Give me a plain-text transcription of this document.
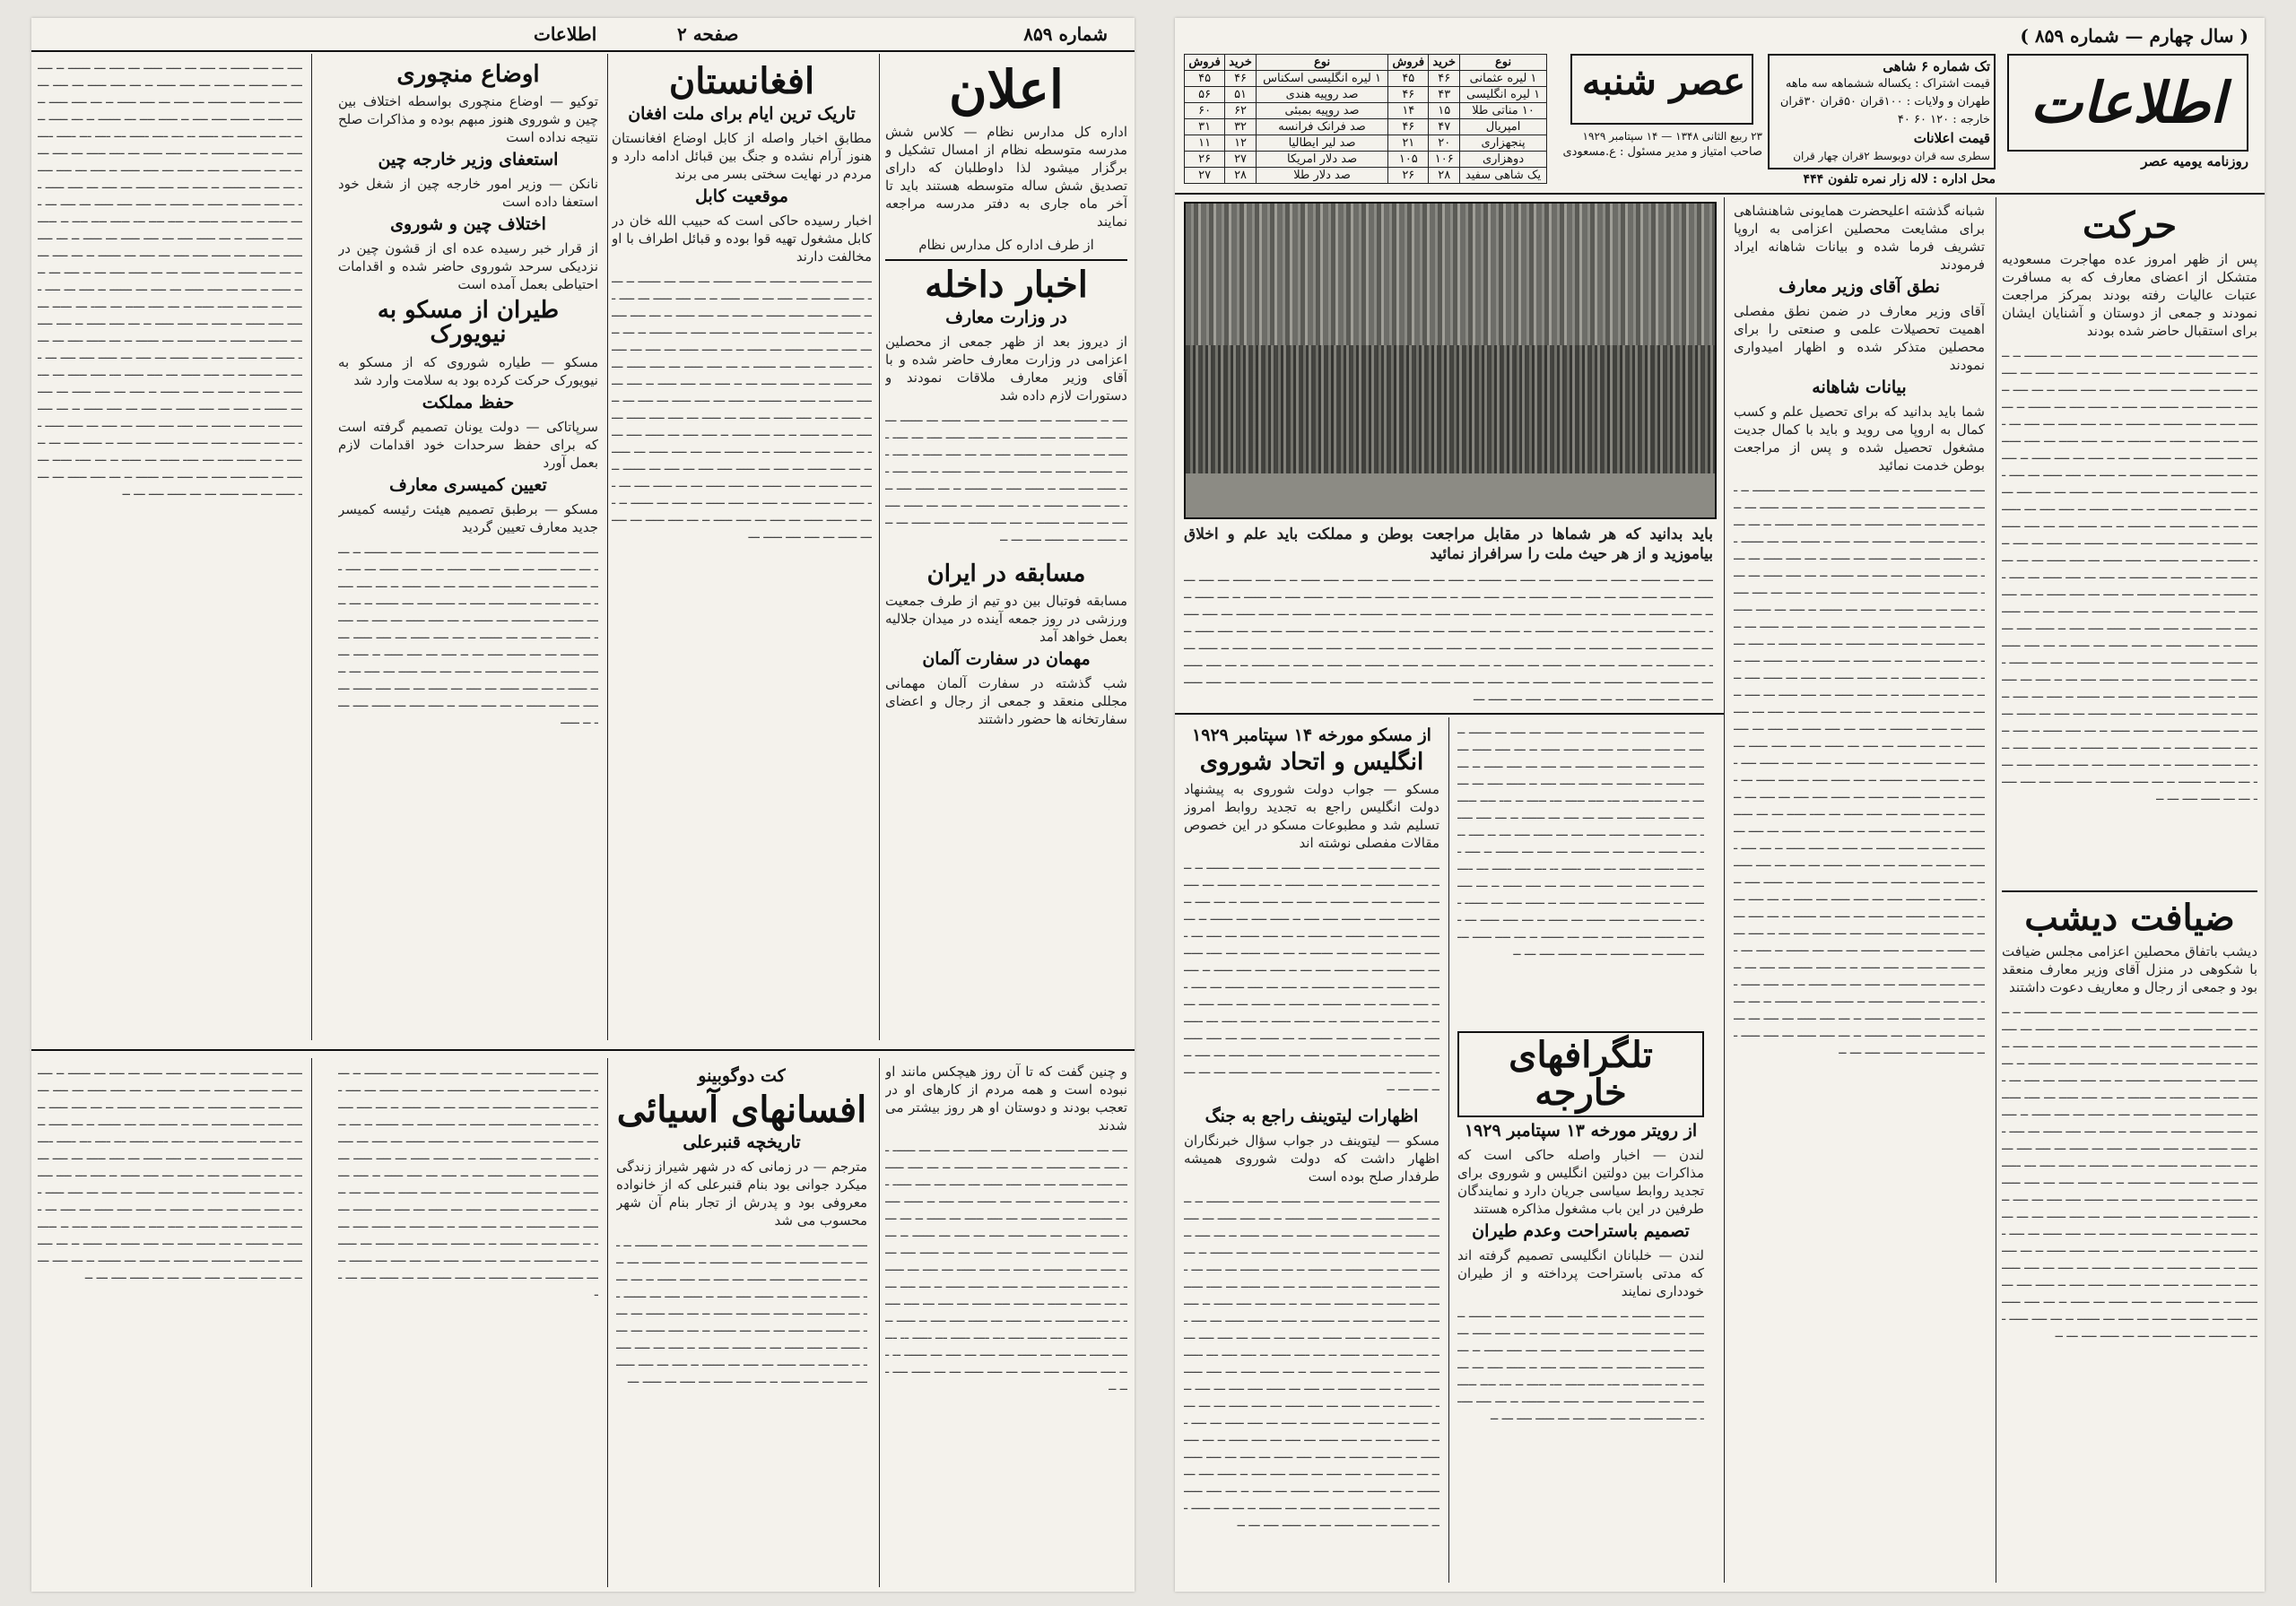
شماره ۸۵۹
اطلاعات	صفحه ۲
اعلان

اداره کل مدارس نظام — کلاس شش مدرسه متوسطه نظام از امسال تشکیل و برگزار میشود لذا داوطلبان که دارای تصدیق شش ساله متوسطه هستند باید تا آخر ماه جاری به دفتر مدرسه مراجعه نمایند

از طرف اداره کل مدارس نظام

اخبار داخله
در وزارت معارف

از دیروز بعد از ظهر جمعی از محصلین اعزامی در وزارت معارف حاضر شده و با آقای وزیر معارف ملاقات نمودند و دستورات لازم داده شد

ــــ ــ ــــــ ــــ ـــ ـــــ ــــ ـــ ــــ ـــــ ـــ ــــــ ـــ ـــ ــــ ـــــ ـــ ــــ ــــــ ــ ـــ ــــ ـــــ ــــ ـــ ــــ ــــــ ـــ ــــ ــــ ـــ ــــــ ــــ ـــ ـــ ــــ ـــــ ــ ــــ ــــ ــــــ ـــ ــــ ـــ ـــــ ــــ ـــ ــــ ـــــ ــ ــــ ــــ ـــ ـــــ ــــ ــــ ــ ـــــ ــــ ـــ ــــــ ــ ـــ ـــــ ــــ ـــ ــــ ـــــ ـــ ـــــ ــ ـــ ــــ ـــــ ـــ ــــ ـــ ـــــ ــــ ــــ ـــ ــــ ـــ ــــــ ــ ـــ ــــ ـــــ ـــ ــــ ـــــ ـــ ــــ ـــــ ـــ ـــ ـــــ ــــ ـــ ــ
مسابقه در ایران

مسابقه فوتبال بین دو تیم از طرف جمعیت ورزشی در روز جمعه آینده در میدان جلالیه بعمل خواهد آمد

مهمان در سفارت آلمان

شب گذشته در سفارت آلمان مهمانی مجللی منعقد و جمعی از رجال و اعضای سفارتخانه ها حضور داشتند

افغانستان
تاریک ترین ایام برای ملت افغان

مطابق اخبار واصله از کابل اوضاع افغانستان هنوز آرام نشده و جنگ بین قبائل ادامه دارد و مردم در نهایت سختی بسر می برند

موقعیت کابل

اخبار رسیده حاکی است که حبیب الله خان در کابل مشغول تهیه قوا بوده و قبائل اطراف با او مخالفت دارند

ــــ ـــ ــــ ـــــ ــ ــــ ـــ ــــ ـــــ ـــ ــــ ـــ ــــــ ــ ــــ ـــ ــــ ـــــ ـــ ــــ ـــ ــــ ـــــ ــ ـــ ــــ ـــــ ـــ ــــ ـــ ـــــ ـــ ــــ ــــ ـــــ ـــ ــــ ـــ ــــ ـــــ ــ ـــ ــــ ـــــ ــ ــــ ــــ ـــ ـــــ ــــ ــــ ــ ـــــ ــــ ـــ ــــــ ــ ـــ ـــــ ــــ ـــ ــــ ـــــ ـــ ـــــ ــ ـــ ــــ ـــــ ـــ ــــ ـــ ـــــ ــــ ــــ ـــ ــــ ـــ ــــــ ــ ـــ ــــ ـــــ ـــ ــــ ـــــ ـــ ــــ ـــــ ـــ ـــ ـــــ ــــ ـــ ــ ــــ ـــ ــــ ـــــ ــ ــــ ـــ ــــ ـــــ ـــ ــــ ـــ ــــــ ــ ــــ ـــ ــــ ـــــ ـــ ــــ ـــ ــــ ـــــ ــ ـــ ــــ ـــــ ـــ ــــ ـــ ـــــ ـــ ــــ ــــ ـــــ ـــ ــــ ـــ ــــ ـــــ ــ ـــ ــــ ـــــ ــ ــــ ــــ ـــ ـــــ ــــ ــــ ــ ـــــ ــــ ـــ ــــــ ــ ـــ ـــــ ــــ ـــ ــــ ـــــ ـــ ـــــ ــ ـــ ــــ ـــــ ـــ ــــ ـــ ـــــ ــــ ــــ ـــ ــــ ـــ ــــــ ــ ـــ ــــ ـــــ ـــ ــــ ـــــ ـــ ــــ ـــــ ـــ ـــ ـــــ ــــ ـــ ــ ــــ ـــ ــــ ـــــ ــ ــــ ـــ ــــ ـــــ ـــ ــــ ـــ ــــــ ــ ــــ ـــ ــــ ـــــ ـــ ــــ ـــ ــــ ـــــ ــ ـــ ــــ ـــــ ـــ ــــ ـــ ـــــ ـــ ــــ ــــ ـــــ ـــ
اوضاع منچوری

توکیو — اوضاع منچوری بواسطه اختلاف بین چین و شوروی هنوز مبهم بوده و مذاکرات صلح نتیجه نداده است

استعفای وزیر خارجه چین

نانکن — وزیر امور خارجه چین از شغل خود استعفا داده است

اختلاف چین و شوروی

از قرار خبر رسیده عده ای از قشون چین در نزدیکی سرحد شوروی حاضر شده و اقدامات احتیاطی بعمل آمده است

طیران از مسکو به نیویورک

مسکو — طیاره شوروی که از مسکو به نیویورک حرکت کرده بود به سلامت وارد شد

حفظ مملکت

سرپاتاکی — دولت یونان تصمیم گرفته است که برای حفظ سرحدات خود اقدامات لازم بعمل آورد

تعیین کمیسری معارف

مسکو — برطبق تصمیم هیئت رئیسه کمیسر جدید معارف تعیین گردید

ــــ ـــ ــــ ـــــ ــ ــــ ـــ ــــ ـــــ ـــ ــــ ـــ ــــــ ــ ــــ ـــ ــــ ـــــ ـــ ــــ ـــ ــــ ـــــ ــ ـــ ــــ ـــــ ـــ ــــ ـــ ـــــ ـــ ــــ ــــ ـــــ ـــ ــــ ـــ ــــ ـــــ ــ ـــ ــــ ـــــ ــ ــــ ــــ ـــ ـــــ ــــ ــــ ــ ـــــ ــــ ـــ ــــــ ــ ـــ ـــــ ــــ ـــ ــــ ـــــ ـــ ـــــ ــ ـــ ــــ ـــــ ـــ ــــ ـــ ـــــ ــــ ــــ ـــ ــــ ـــ ــــــ ــ ـــ ــــ ـــــ ـــ ــــ ـــــ ـــ ــــ ـــــ ـــ ـــ ـــــ ــــ ـــ ــ ــــ ـــ ــــ ـــــ ــ ــــ ـــ ــــ ـــــ ـــ ــــ ـــ ــــــ ــ ــــ ـــ ــــ ـــــ ـــ ــــ ـــ ــــ ـــــ ــ ـــ ــــ ـــــ ـــ ــــ ـــ ـــــ ـــ ــــ ــــ ـــــ ـــ ــــ ـــ ــــ ـــــ ــ ـــ ــــ ـــــ ــ ــــ ــــ ـــ ـــــ ــــ ــــ ــ ـــــ
ــــ ـــ ــــ ـــــ ــ ــــ ـــ ــــ ـــــ ـــ ــــ ـــ ــــــ ــ ــــ ـــ ــــ ـــــ ـــ ــــ ـــ ــــ ـــــ ــ ـــ ــــ ـــــ ـــ ــــ ـــ ـــــ ـــ ــــ ــــ ـــــ ـــ ــــ ـــ ــــ ـــــ ــ ـــ ــــ ـــــ ــ ــــ ــــ ـــ ـــــ ــــ ــــ ــ ـــــ ــــ ـــ ــــــ ــ ـــ ـــــ ــــ ـــ ــــ ـــــ ـــ ـــــ ــ ـــ ــــ ـــــ ـــ ــــ ـــ ـــــ ــــ ــــ ـــ ــــ ـــ ــــــ ــ ـــ ــــ ـــــ ـــ ــــ ـــــ ـــ ــــ ـــــ ـــ ـــ ـــــ ــــ ـــ ــ ــــ ـــ ــــ ـــــ ــ ــــ ـــ ــــ ـــــ ـــ ــــ ـــ ــــــ ــ ــــ ـــ ــــ ـــــ ـــ ــــ ـــ ــــ ـــــ ــ ـــ ــــ ـــــ ـــ ــــ ـــ ـــــ ـــ ــــ ــــ ـــــ ـــ ــــ ـــ ــــ ـــــ ــ ـــ ــــ ـــــ ــ ــــ ــــ ـــ ـــــ ــــ ــــ ــ ـــــ ــــ ـــ ــــــ ــ ـــ ـــــ ــــ ـــ ــــ ـــــ ـــ ـــــ ــ ـــ ــــ ـــــ ـــ ــــ ـــ ـــــ ــــ ــــ ـــ ــــ ـــ ــــــ ــ ـــ ــــ ـــــ ـــ ــــ ـــــ ـــ ــــ ـــــ ـــ ـــ ـــــ ــــ ـــ ــ ــــ ـــ ــــ ـــــ ــ ــــ ـــ ــــ ـــــ ـــ ــــ ـــ ــــــ ــ ــــ ـــ ــــ ـــــ ـــ ــــ ـــ ــــ ـــــ ــ ـــ ــــ ـــــ ـــ ــــ ـــ ـــــ ـــ ــــ ــــ ـــــ ـــ ــــ ـــ ــــ ـــــ ــ ـــ ــــ ـــــ ــ ــــ ــــ ـــ ـــــ ــــ ــــ ــ ـــــ ــــ ـــ ــــــ ــ ـــ ـــــ ــــ ـــ ــــ ـــــ ـــ ـــــ ــ ـــ ــــ ـــــ ـــ ــــ ـــ ـــــ ــــ ــــ ـــ ــــ ـــ ــــــ ــ ـــ ــــ ـــــ ـــ ــــ ـــــ ـــ ــــ ـــــ ـــ ـــ ـــــ ــــ ـــ ــ ــــ ـــ ــــ ـــــ ــ ــــ ـــ ــــ ـــــ ـــ ــــ ـــ ــــــ ــ ــــ ـــ ــــ ـــــ ـــ ــــ ـــ ــــ ـــــ ــ ـــ ــــ ـــــ ـــ ــــ ـــ ـــــ ـــ ــــ ــــ ـــــ ـــ ــــ ـــ ــــ ـــــ ــ ـــ ــــ ـــــ ــ ــــ ــــ ـــ ـــــ ــــ ــــ ــ ـــــ ــــ ـــ ــــــ ــ ـــ ـــــ ــــ ـــ ــــ ـــــ ـــ ـــــ ــ ـــ ــــ ـــــ ـــ ــــ ـــ ـــــ ــــ ــــ ـــ ــــ ـــ ــــــ ــ ـــ ــــ ـــــ ـــ ــــ ـــــ ـــ ــــ ـــــ ـــ ـــ ـــــ ــــ ـــ ــ
کت دوگوبینو
افسانهای آسیائی
تاریخچه قنبرعلی

مترجم — در زمانی که در شهر شیراز زندگی میکرد جوانی بود بنام قنبرعلی که از خانواده معروفی بود و پدرش از تجار بنام آن شهر محسوب می شد

ــــ ـــ ــــ ـــــ ــ ــــ ـــ ــــ ـــــ ـــ ــــ ـــ ــــــ ــ ــــ ـــ ــــ ـــــ ـــ ــــ ـــ ــــ ـــــ ــ ـــ ــــ ـــــ ـــ ــــ ـــ ـــــ ـــ ــــ ــــ ـــــ ـــ ــــ ـــ ــــ ـــــ ــ ـــ ــــ ـــــ ــ ــــ ــــ ـــ ـــــ ــــ ــــ ــ ـــــ ــــ ـــ ــــــ ــ ـــ ـــــ ــــ ـــ ــــ ـــــ ـــ ـــــ ــ ـــ ــــ ـــــ ـــ ــــ ـــ ـــــ ــــ ــــ ـــ ــــ ـــ ــــــ ــ ـــ ــــ ـــــ ـــ ــــ ـــــ ـــ ــــ ـــــ ـــ ـــ ـــــ ــــ ـــ ــ ــــ ـــ ــــ ـــــ ــ ــــ ـــ ــــ ـــــ ـــ ــــ ـــ ــــــ ــ ــــ ـــ ــــ ـــــ ـــ ــــ ـــ ــــ ـــــ ــ ـــ ــــ ـــــ ـــ ــــ ـــ ـــــ ـــ

و چنین گفت که تا آن روز هیچکس مانند او نبوده است و همه مردم از کارهای او در تعجب بودند و دوستان او هر روز بیشتر می شدند

ــــ ـــ ــــ ـــــ ــ ــــ ـــ ــــ ـــــ ـــ ــــ ـــ ــــــ ــ ــــ ـــ ــــ ـــــ ـــ ــــ ـــ ــــ ـــــ ــ ـــ ــــ ـــــ ـــ ــــ ـــ ـــــ ـــ ــــ ــــ ـــــ ـــ ــــ ـــ ــــ ـــــ ــ ـــ ــــ ـــــ ــ ــــ ــــ ـــ ـــــ ــــ ــــ ــ ـــــ ــــ ـــ ــــــ ــ ـــ ـــــ ــــ ـــ ــــ ـــــ ـــ ـــــ ــ ـــ ــــ ـــــ ـــ ــــ ـــ ـــــ ــــ ــــ ـــ ــــ ـــ ــــــ ــ ـــ ــــ ـــــ ـــ ــــ ـــــ ـــ ــــ ـــــ ـــ ـــ ـــــ ــــ ـــ ــ ــــ ـــ ــــ ـــــ ــ ــــ ـــ ــــ ـــــ ـــ ــــ ـــ ــــــ ــ ــــ ـــ ــــ ـــــ ـــ ــــ ـــ ــــ ـــــ ــ ـــ ــــ ـــــ ـــ ــــ ـــ ـــــ ـــ ــــ ــــ ـــــ ـــ ــــ ـــ ــــ ـــــ ــ ـــ ــــ ـــــ ــ ــــ ــــ ـــ ـــــ ــــ ــــ ــ ـــــ ــــ ـــ ــــــ ــ ـــ ـــــ ــــ ـــ ــــ ـــــ ـــ ـــــ ــ ـــ ــــ ـــــ ـــ ــــ ـــ ـــــ ــــ ــــ ـــ ــــ ـــ ــــــ ــ ـــ ــــ ـــــ ـــ ــــ ـــــ ـــ ــــ ـــــ ـــ ـــ ـــــ ــــ ـــ ــ
ــــ ـــ ــــ ـــــ ــ ــــ ـــ ــــ ـــــ ـــ ــــ ـــ ــــــ ــ ــــ ـــ ــــ ـــــ ـــ ــــ ـــ ــــ ـــــ ــ ـــ ــــ ـــــ ـــ ــــ ـــ ـــــ ـــ ــــ ــــ ـــــ ـــ ــــ ـــ ــــ ـــــ ــ ـــ ــــ ـــــ ــ ــــ ــــ ـــ ـــــ ــــ ــــ ــ ـــــ ــــ ـــ ــــــ ــ ـــ ـــــ ــــ ـــ ــــ ـــــ ـــ ـــــ ــ ـــ ــــ ـــــ ـــ ــــ ـــ ـــــ ــــ ــــ ـــ ــــ ـــ ــــــ ــ ـــ ــــ ـــــ ـــ ــــ ـــــ ـــ ــــ ـــــ ـــ ـــ ـــــ ــــ ـــ ــ ــــ ـــ ــــ ـــــ ــ ــــ ـــ ــــ ـــــ ـــ ــــ ـــ ــــــ ــ ــــ ـــ ــــ ـــــ ـــ ــــ ـــ ــــ ـــــ ــ ـــ ــــ ـــــ ـــ ــــ ـــ ـــــ ـــ ــــ ــــ ـــــ ـــ ــــ ـــ ــــ ـــــ ــ ـــ ــــ ـــــ ــ ــــ ــــ ـــ ـــــ ــــ ــــ ــ ـــــ ــــ ـــ ــــــ ــ ـــ ـــــ ــــ ـــ ــــ ـــــ ـــ ـــــ ــ ـــ ــــ ـــــ ـــ ــــ ـــ ـــــ ــــ ــــ ـــ ــــ ـــ ــــــ ــ ـــ ــــ ـــــ ـــ ــــ ـــــ ـــ ــــ ـــــ ـــ ـــ ـــــ ــــ ـــ ــ
ــــ ـــ ــــ ـــــ ــ ــــ ـــ ــــ ـــــ ـــ ــــ ـــ ــــــ ــ ــــ ـــ ــــ ـــــ ـــ ــــ ـــ ــــ ـــــ ــ ـــ ــــ ـــــ ـــ ــــ ـــ ـــــ ـــ ــــ ــــ ـــــ ـــ ــــ ـــ ــــ ـــــ ــ ـــ ــــ ـــــ ــ ــــ ــــ ـــ ـــــ ــــ ــــ ــ ـــــ ــــ ـــ ــــــ ــ ـــ ـــــ ــــ ـــ ــــ ـــــ ـــ ـــــ ــ ـــ ــــ ـــــ ـــ ــــ ـــ ـــــ ــــ ــــ ـــ ــــ ـــ ــــــ ــ ـــ ــــ ـــــ ـــ ــــ ـــــ ـــ ــــ ـــــ ـــ ـــ ـــــ ــــ ـــ ــ ــــ ـــ ــــ ـــــ ــ ــــ ـــ ــــ ـــــ ـــ ــــ ـــ ــــــ ــ ــــ ـــ ــــ ـــــ ـــ ــــ ـــ ــــ ـــــ ــ ـــ ــــ ـــــ ـــ ــــ ـــ ـــــ ـــ ــــ ــــ ـــــ ـــ ــــ ـــ ــــ ـــــ ــ ـــ ــــ ـــــ ــ ــــ ــــ ـــ ـــــ ــــ ــــ ــ ـــــ ــــ ـــ ــــــ ــ ـــ ـــــ ــــ ـــ ــــ ـــــ ـــ ـــــ ــ ـــ ــــ ـــــ ـــ ــــ ـــ ـــــ ــــ ــــ ـــ ــــ ـــ ــــــ ــ ـــ ــــ ـــــ ـــ ــــ ـــــ ـــ ــــ ـــــ ـــ ـــ ـــــ ــــ ـــ ــ
( سال چهارم — شماره ۸۵۹ )
اطلاعات
روزنامه یومیه عصر
تک شماره ۶ شاهی
قیمت اشتراک : یکساله ششماهه سه ماهه
طهران و ولایات : ۱۰۰قران ۵۰قران ۳۰قران
خارجه : ۱۲۰ ۶۰ ۴۰
قیمت اعلانات
سطری سه قران دوبوسط ۲قران چهار قران
عصر شنبه
۲۳ ربیع الثانی ۱۳۴۸ — ۱۴ سپتامبر ۱۹۲۹
صاحب امتیاز و مدیر مسئول : ع.مسعودی
محل اداره : لاله زار نمره تلفون ۴۴۴
نوع	خرید	فروش	نوع	خرید	فروش
۱ لیره عثمانی	۴۶	۴۵	۱ لیره انگلیسی اسکناس	۴۶	۴۵
۱ لیره انگلیسی	۴۳	۴۶	صد روپیه هندی	۵۱	۵۶
۱۰ مناتی طلا	۱۵	۱۴	صد روپیه بمبئی	۶۲	۶۰
امپریال	۴۷	۴۶	صد فرانک فرانسه	۳۲	۳۱
پنجهزاری	۲۰	۲۱	صد لیر ایطالیا	۱۲	۱۱
دوهزاری	۱۰۶	۱۰۵	صد دلار امریکا	۲۷	۲۶
یک شاهی سفید	۲۸	۲۶	صد دلار طلا	۲۸	۲۷
حرکت

پس از ظهر امروز عده مهاجرت مسعودیه متشکل از اعضای معارف که به مسافرت عتبات عالیات رفته بودند بمرکز مراجعت نمودند و جمعی از دوستان و آشنایان ایشان برای استقبال حاضر شده بودند

ــــ ـــ ــــ ـــــ ــ ــــ ـــ ــــ ـــــ ـــ ــــ ـــ ــــــ ــ ــــ ـــ ــــ ـــــ ـــ ــــ ـــ ــــ ـــــ ــ ـــ ــــ ـــــ ـــ ــــ ـــ ـــــ ـــ ــــ ــــ ـــــ ـــ ــــ ـــ ــــ ـــــ ــ ـــ ــــ ـــــ ــ ــــ ــــ ـــ ـــــ ــــ ــــ ــ ـــــ ــــ ـــ ــــــ ــ ـــ ـــــ ــــ ـــ ــــ ـــــ ـــ ـــــ ــ ـــ ــــ ـــــ ـــ ــــ ـــ ـــــ ــــ ــــ ـــ ــــ ـــ ــــــ ــ ـــ ــــ ـــــ ـــ ــــ ـــــ ـــ ــــ ـــــ ـــ ـــ ـــــ ــــ ـــ ــ ــــ ـــ ــــ ـــــ ــ ــــ ـــ ــــ ـــــ ـــ ــــ ـــ ــــــ ــ ــــ ـــ ــــ ـــــ ـــ ــــ ـــ ــــ ـــــ ــ ـــ ــــ ـــــ ـــ ــــ ـــ ـــــ ـــ ــــ ــــ ـــــ ـــ ــــ ـــ ــــ ـــــ ــ ـــ ــــ ـــــ ــ ــــ ــــ ـــ ـــــ ــــ ــــ ــ ـــــ ــــ ـــ ــــــ ــ ـــ ـــــ ــــ ـــ ــــ ـــــ ـــ ـــــ ــ ـــ ــــ ـــــ ـــ ــــ ـــ ـــــ ــــ ــــ ـــ ــــ ـــ ــــــ ــ ـــ ــــ ـــــ ـــ ــــ ـــــ ـــ ــــ ـــــ ـــ ـــ ـــــ ــــ ـــ ــ ــــ ـــ ــــ ـــــ ــ ــــ ـــ ــــ ـــــ ـــ ــــ ـــ ــــــ ــ ــــ ـــ ــــ ـــــ ـــ ــــ ـــ ــــ ـــــ ــ ـــ ــــ ـــــ ـــ ــــ ـــ ـــــ ـــ ــــ ــــ ـــــ ـــ ــــ ـــ ــــ ـــــ ــ ـــ ــــ ـــــ ــ ــــ ــــ ـــ ـــــ ــــ ــــ ــ ـــــ ــــ ـــ ــــــ ــ ـــ ـــــ ــــ ـــ ــــ ـــــ ـــ ـــــ ــ ـــ ــــ ـــــ ـــ ــــ ـــ ـــــ ــــ ــــ ـــ ــــ ـــ ــــــ ــ ـــ ــــ ـــــ ـــ ــــ ـــــ ـــ ــــ ـــــ ـــ ـــ ـــــ ــــ ـــ ــ ــــ ـــ ــــ ـــــ ــ ــــ ـــ ــــ ـــــ ـــ ــــ ـــ ــــــ ــ ــــ ـــ ــــ ـــــ ـــ ــــ ـــ ــــ ـــــ ــ ـــ ــــ ـــــ ـــ ــــ ـــ ـــــ ـــ ــــ ــــ ـــــ ـــ ــــ ـــ ــــ ـــــ ــ ـــ ــــ ـــــ ــ ــــ ــــ ـــ ـــــ ــــ ــــ ــ ـــــ ــــ ـــ ــــــ ــ ـــ ـــــ ــــ ـــ ــــ ـــــ ـــ ـــــ ــ ـــ ــــ ـــــ ـــ ــــ ـــ ـــــ ــــ ــــ ـــ ــــ ـــ ــــــ ــ ـــ ــــ ـــــ ـــ ــــ ـــــ ـــ ــــ ـــــ ـــ ـــ ـــــ ــــ ـــ ــ
ضیافت دیشب

دیشب باتفاق محصلین اعزامی مجلس ضیافت با شکوهی در منزل آقای وزیر معارف منعقد بود و جمعی از رجال و معاریف دعوت داشتند

ــــ ـــ ــــ ـــــ ــ ــــ ـــ ــــ ـــــ ـــ ــــ ـــ ــــــ ــ ــــ ـــ ــــ ـــــ ـــ ــــ ـــ ــــ ـــــ ــ ـــ ــــ ـــــ ـــ ــــ ـــ ـــــ ـــ ــــ ــــ ـــــ ـــ ــــ ـــ ــــ ـــــ ــ ـــ ــــ ـــــ ــ ــــ ــــ ـــ ـــــ ــــ ــــ ــ ـــــ ــــ ـــ ــــــ ــ ـــ ـــــ ــــ ـــ ــــ ـــــ ـــ ـــــ ــ ـــ ــــ ـــــ ـــ ــــ ـــ ـــــ ــــ ــــ ـــ ــــ ـــ ــــــ ــ ـــ ــــ ـــــ ـــ ــــ ـــــ ـــ ــــ ـــــ ـــ ـــ ـــــ ــــ ـــ ــ ــــ ـــ ــــ ـــــ ــ ــــ ـــ ــــ ـــــ ـــ ــــ ـــ ــــــ ــ ــــ ـــ ــــ ـــــ ـــ ــــ ـــ ــــ ـــــ ــ ـــ ــــ ـــــ ـــ ــــ ـــ ـــــ ـــ ــــ ــــ ـــــ ـــ ــــ ـــ ــــ ـــــ ــ ـــ ــــ ـــــ ــ ــــ ــــ ـــ ـــــ ــــ ــــ ــ ـــــ ــــ ـــ ــــــ ــ ـــ ـــــ ــــ ـــ ــــ ـــــ ـــ ـــــ ــ ـــ ــــ ـــــ ـــ ــــ ـــ ـــــ ــــ ــــ ـــ ــــ ـــ ــــــ ــ ـــ ــــ ـــــ ـــ ــــ ـــــ ـــ ــــ ـــــ ـــ ـــ ـــــ ــــ ـــ ــ ــــ ـــ ــــ ـــــ ــ ــــ ـــ ــــ ـــــ ـــ ــــ ـــ ــــــ ــ ــــ ـــ ــــ ـــــ ـــ ــــ ـــ ــــ ـــــ ــ ـــ ــــ ـــــ ـــ ــــ ـــ ـــــ ـــ ــــ ــــ ـــــ ـــ ــــ ـــ ــــ ـــــ ــ ـــ ــــ ـــــ ــ ــــ ــــ ـــ ـــــ ــــ ــــ ــ ـــــ ــــ ـــ ــــــ ــ ـــ ـــــ ــــ ـــ ــــ ـــــ ـــ ـــــ ــ ـــ ــــ ـــــ ـــ ــــ ـــ ـــــ ــــ ــــ ـــ ــــ ـــ ــــــ ــ ـــ ــــ ـــــ ـــ ــــ ـــــ ـــ ــــ ـــــ ـــ ـــ ـــــ ــــ ـــ ــ

شبانه گذشته اعلیحضرت همایونی شاهنشاهی برای مشایعت محصلین اعزامی به اروپا تشریف فرما شده و بیانات شاهانه ایراد فرمودند

نطق آقای وزیر معارف

آقای وزیر معارف در ضمن نطق مفصلی اهمیت تحصیلات علمی و صنعتی را برای محصلین متذکر شده و اظهار امیدواری نمودند

بیانات شاهانه

شما باید بدانید که برای تحصیل علم و کسب کمال به اروپا می روید و باید با کمال جدیت مشغول تحصیل شده و پس از مراجعت بوطن خدمت نمائید

ــــ ـــ ــــ ـــــ ــ ــــ ـــ ــــ ـــــ ـــ ــــ ـــ ــــــ ــ ــــ ـــ ــــ ـــــ ـــ ــــ ـــ ــــ ـــــ ــ ـــ ــــ ـــــ ـــ ــــ ـــ ـــــ ـــ ــــ ــــ ـــــ ـــ ــــ ـــ ــــ ـــــ ــ ـــ ــــ ـــــ ــ ــــ ــــ ـــ ـــــ ــــ ــــ ــ ـــــ ــــ ـــ ــــــ ــ ـــ ـــــ ــــ ـــ ــــ ـــــ ـــ ـــــ ــ ـــ ــــ ـــــ ـــ ــــ ـــ ـــــ ــــ ــــ ـــ ــــ ـــ ــــــ ــ ـــ ــــ ـــــ ـــ ــــ ـــــ ـــ ــــ ـــــ ـــ ـــ ـــــ ــــ ـــ ــ ــــ ـــ ــــ ـــــ ــ ــــ ـــ ــــ ـــــ ـــ ــــ ـــ ــــــ ــ ــــ ـــ ــــ ـــــ ـــ ــــ ـــ ــــ ـــــ ــ ـــ ــــ ـــــ ـــ ــــ ـــ ـــــ ـــ ــــ ــــ ـــــ ـــ ــــ ـــ ــــ ـــــ ــ ـــ ــــ ـــــ ــ ــــ ــــ ـــ ـــــ ــــ ــــ ــ ـــــ ــــ ـــ ــــــ ــ ـــ ـــــ ــــ ـــ ــــ ـــــ ـــ ـــــ ــ ـــ ــــ ـــــ ـــ ــــ ـــ ـــــ ــــ ــــ ـــ ــــ ـــ ــــــ ــ ـــ ــــ ـــــ ـــ ــــ ـــــ ـــ ــــ ـــــ ـــ ـــ ـــــ ــــ ـــ ــ ــــ ـــ ــــ ـــــ ــ ــــ ـــ ــــ ـــــ ـــ ــــ ـــ ــــــ ــ ــــ ـــ ــــ ـــــ ـــ ــــ ـــ ــــ ـــــ ــ ـــ ــــ ـــــ ـــ ــــ ـــ ـــــ ـــ ــــ ــــ ـــــ ـــ ــــ ـــ ــــ ـــــ ــ ـــ ــــ ـــــ ــ ــــ ــــ ـــ ـــــ ــــ ــــ ــ ـــــ ــــ ـــ ــــــ ــ ـــ ـــــ ــــ ـــ ــــ ـــــ ـــ ـــــ ــ ـــ ــــ ـــــ ـــ ــــ ـــ ـــــ ــــ ــــ ـــ ــــ ـــ ــــــ ــ ـــ ــــ ـــــ ـــ ــــ ـــــ ـــ ــــ ـــــ ـــ ـــ ـــــ ــــ ـــ ــ ــــ ـــ ــــ ـــــ ــ ــــ ـــ ــــ ـــــ ـــ ــــ ـــ ــــــ ــ ــــ ـــ ــــ ـــــ ـــ ــــ ـــ ــــ ـــــ ــ ـــ ــــ ـــــ ـــ ــــ ـــ ـــــ ـــ ــــ ــــ ـــــ ـــ ــــ ـــ ــــ ـــــ ــ ـــ ــــ ـــــ ــ ــــ ــــ ـــ ـــــ ــــ ــــ ــ ـــــ ــــ ـــ ــــــ ــ ـــ ـــــ ــــ ـــ ــــ ـــــ ـــ ـــــ ــ ـــ ــــ ـــــ ـــ ــــ ـــ ـــــ ــــ ــــ ـــ ــــ ـــ ــــــ ــ ـــ ــــ ـــــ ـــ ــــ ـــــ ـــ ــــ ـــــ ـــ ـــ ـــــ ــــ ـــ ــ ــــ ـــ ــــ ـــــ ــ ــــ ـــ ــــ ـــــ ـــ ــــ ـــ ــــــ ــ ــــ ـــ ــــ ـــــ ـــ ــــ ـــ ــــ ـــــ ــ ـــ ــــ ـــــ ـــ ــــ ـــ ـــــ ـــ ــــ ــــ ـــــ ـــ ــــ ـــ ــــ ـــــ ــ ـــ ــــ ـــــ ــ ــــ ــــ ـــ ـــــ ــــ ــــ ــ ـــــ ــــ ـــ ــــــ ــ ـــ ـــــ ــــ ـــ ــــ ـــــ ـــ ـــــ ــ ـــ ــــ ـــــ ـــ ــــ ـــ ـــــ ــــ ــــ ـــ ــــ ـــ ــــــ ــ ـــ ــــ ـــــ ـــ ــــ ـــــ ـــ ــــ ـــــ ـــ ـــ ـــــ ــــ ـــ ــ

باید بدانید که هر شماها در مقابل مراجعت بوطن و مملکت باید علم و اخلاق بیاموزید و از هر حیث ملت را سرافراز نمائید

ــــ ـــ ــــ ـــــ ــ ــــ ـــ ــــ ـــــ ـــ ــــ ـــ ــــــ ــ ــــ ـــ ــــ ـــــ ـــ ــــ ـــ ــــ ـــــ ــ ـــ ــــ ـــــ ـــ ــــ ـــ ـــــ ـــ ــــ ــــ ـــــ ـــ ــــ ـــ ــــ ـــــ ــ ـــ ــــ ـــــ ــ ــــ ــــ ـــ ـــــ ــــ ــــ ــ ـــــ ــــ ـــ ــــــ ــ ـــ ـــــ ــــ ـــ ــــ ـــــ ـــ ـــــ ــ ـــ ــــ ـــــ ـــ ــــ ـــ ـــــ ــــ ــــ ـــ ــــ ـــ ــــــ ــ ـــ ــــ ـــــ ـــ ــــ ـــــ ـــ ــــ ـــــ ـــ ـــ ـــــ ــــ ـــ ــ ــــ ـــ ــــ ـــــ ــ ــــ ـــ ــــ ـــــ ـــ ــــ ـــ ــــــ ــ ــــ ـــ ــــ ـــــ ـــ ــــ ـــ ــــ ـــــ ــ ـــ ــــ ـــــ ـــ ــــ ـــ ـــــ ـــ ــــ ــــ ـــــ ـــ ــــ ـــ ــــ ـــــ ــ ـــ ــــ ـــــ ــ ــــ ــــ ـــ ـــــ ــــ ــــ ــ ـــــ ــــ ـــ ــــــ ــ ـــ ـــــ ــــ ـــ ــــ ـــــ ـــ ـــــ ــ ـــ ــــ ـــــ ـــ ــــ ـــ ـــــ ــــ ــــ ـــ ــــ ـــ ــــــ ــ ـــ ــــ ـــــ ـــ ــــ ـــــ ـــ ــــ ـــــ ـــ ـــ ـــــ ــــ ـــ ــ ــــ ـــ ــــ ـــــ ــ ــــ ـــ ــــ ـــــ ـــ ــــ ـــ ــــــ ــ ــــ ـــ ــــ ـــــ ـــ ــــ ـــ ــــ ـــــ ــ ـــ ــــ ـــــ ـــ ــــ ـــ ـــــ ـــ
تلگرافهای خارجه
از رویتر مورخه ۱۳ سپتامبر ۱۹۲۹

لندن — اخبار واصله حاکی است که مذاکرات بین دولتین انگلیس و شوروی برای تجدید روابط سیاسی جریان دارد و نمایندگان طرفین در این باب مشغول مذاکره هستند

تصمیم باستراحت وعدم طیران

لندن — خلبانان انگلیسی تصمیم گرفته اند که مدتی باستراحت پرداخته و از طیران خودداری نمایند

ــــ ـــ ــــ ـــــ ــ ــــ ـــ ــــ ـــــ ـــ ــــ ـــ ــــــ ــ ــــ ـــ ــــ ـــــ ـــ ــــ ـــ ــــ ـــــ ــ ـــ ــــ ـــــ ـــ ــــ ـــ ـــــ ـــ ــــ ــــ ـــــ ـــ ــــ ـــ ــــ ـــــ ــ ـــ ــــ ـــــ ــ ــــ ــــ ـــ ـــــ ــــ ــــ ــ ـــــ ــــ ـــ ــــــ ــ ـــ ـــــ ــــ ـــ ــــ ـــــ ـــ ـــــ ــ ـــ ــــ ـــــ ـــ ــــ ـــ ـــــ ــــ ــــ ـــ ــــ ـــ ــــــ ــ ـــ ــــ ـــــ ـــ ــــ ـــــ ـــ ــــ ـــــ ـــ ـــ ـــــ ــــ ـــ ــ
ــــ ـــ ــــ ـــــ ــ ــــ ـــ ــــ ـــــ ـــ ــــ ـــ ــــــ ــ ــــ ـــ ــــ ـــــ ـــ ــــ ـــ ــــ ـــــ ــ ـــ ــــ ـــــ ـــ ــــ ـــ ـــــ ـــ ــــ ــــ ـــــ ـــ ــــ ـــ ــــ ـــــ ــ ـــ ــــ ـــــ ــ ــــ ــــ ـــ ـــــ ــــ ــــ ــ ـــــ ــــ ـــ ــــــ ــ ـــ ـــــ ــــ ـــ ــــ ـــــ ـــ ـــــ ــ ـــ ــــ ـــــ ـــ ــــ ـــ ـــــ ــــ ــــ ـــ ــــ ـــ ــــــ ــ ـــ ــــ ـــــ ـــ ــــ ـــــ ـــ ــــ ـــــ ـــ ـــ ـــــ ــــ ـــ ــ ــــ ـــ ــــ ـــــ ــ ــــ ـــ ــــ ـــــ ـــ ــــ ـــ ــــــ ــ ــــ ـــ ــــ ـــــ ـــ ــــ ـــ ــــ ـــــ ــ ـــ ــــ ـــــ ـــ ــــ ـــ ـــــ ـــ ــــ ــــ ـــــ ـــ ــــ ـــ ــــ ـــــ ــ ـــ ــــ ـــــ ــ ــــ ــــ ـــ ـــــ ــــ ــــ ــ ـــــ ــــ ـــ ــــــ ــ ـــ ـــــ ــــ ـــ ــــ ـــــ ـــ ـــــ ــ ـــ ــــ ـــــ ـــ ــــ ـــ ـــــ ــــ ــــ ـــ ــــ ـــ ــــــ ــ ـــ ــــ ـــــ ـــ ــــ ـــــ ـــ ــــ ـــــ ـــ ـــ ـــــ ــــ ـــ ــ
از مسکو مورخه ۱۴ سپتامبر ۱۹۲۹
انگلیس و اتحاد شوروی

مسکو — جواب دولت شوروی به پیشنهاد دولت انگلیس راجع به تجدید روابط امروز تسلیم شد و مطبوعات مسکو در این خصوص مقالات مفصلی نوشته اند

ــــ ـــ ــــ ـــــ ــ ــــ ـــ ــــ ـــــ ـــ ــــ ـــ ــــــ ــ ــــ ـــ ــــ ـــــ ـــ ــــ ـــ ــــ ـــــ ــ ـــ ــــ ـــــ ـــ ــــ ـــ ـــــ ـــ ــــ ــــ ـــــ ـــ ــــ ـــ ــــ ـــــ ــ ـــ ــــ ـــــ ــ ــــ ــــ ـــ ـــــ ــــ ــــ ــ ـــــ ــــ ـــ ــــــ ــ ـــ ـــــ ــــ ـــ ــــ ـــــ ـــ ـــــ ــ ـــ ــــ ـــــ ـــ ــــ ـــ ـــــ ــــ ــــ ـــ ــــ ـــ ــــــ ــ ـــ ــــ ـــــ ـــ ــــ ـــــ ـــ ــــ ـــــ ـــ ـــ ـــــ ــــ ـــ ــ ــــ ـــ ــــ ـــــ ــ ــــ ـــ ــــ ـــــ ـــ ــــ ـــ ــــــ ــ ــــ ـــ ــــ ـــــ ـــ ــــ ـــ ــــ ـــــ ــ ـــ ــــ ـــــ ـــ ــــ ـــ ـــــ ـــ ــــ ــــ ـــــ ـــ ــــ ـــ ــــ ـــــ ــ ـــ ــــ ـــــ ــ ــــ ــــ ـــ ـــــ ــــ ــــ ــ ـــــ ــــ ـــ ــــــ ــ ـــ ـــــ ــــ ـــ ــــ ـــــ ـــ ـــــ ــ ـــ ــــ ـــــ ـــ ــــ ـــ ـــــ ــــ ــــ ـــ ــــ ـــ ــــــ ــ ـــ ــــ ـــــ ـــ ــــ ـــــ ـــ ــــ ـــــ ـــ ـــ ـــــ ــــ ـــ ــ
اظهارات لیتوینف راجع به جنگ

مسکو — لیتوینف در جواب سؤال خبرنگاران اظهار داشت که دولت شوروی همیشه طرفدار صلح بوده است

ــــ ـــ ــــ ـــــ ــ ــــ ـــ ــــ ـــــ ـــ ــــ ـــ ــــــ ــ ــــ ـــ ــــ ـــــ ـــ ــــ ـــ ــــ ـــــ ــ ـــ ــــ ـــــ ـــ ــــ ـــ ـــــ ـــ ــــ ــــ ـــــ ـــ ــــ ـــ ــــ ـــــ ــ ـــ ــــ ـــــ ــ ــــ ــــ ـــ ـــــ ــــ ــــ ــ ـــــ ــــ ـــ ــــــ ــ ـــ ـــــ ــــ ـــ ــــ ـــــ ـــ ـــــ ــ ـــ ــــ ـــــ ـــ ــــ ـــ ـــــ ــــ ــــ ـــ ــــ ـــ ــــــ ــ ـــ ــــ ـــــ ـــ ــــ ـــــ ـــ ــــ ـــــ ـــ ـــ ـــــ ــــ ـــ ــ ــــ ـــ ــــ ـــــ ــ ــــ ـــ ــــ ـــــ ـــ ــــ ـــ ــــــ ــ ــــ ـــ ــــ ـــــ ـــ ــــ ـــ ــــ ـــــ ــ ـــ ــــ ـــــ ـــ ــــ ـــ ـــــ ـــ ــــ ــــ ـــــ ـــ ــــ ـــ ــــ ـــــ ــ ـــ ــــ ـــــ ــ ــــ ــــ ـــ ـــــ ــــ ــــ ــ ـــــ ــــ ـــ ــــــ ــ ـــ ـــــ ــــ ـــ ــــ ـــــ ـــ ـــــ ــ ـــ ــــ ـــــ ـــ ــــ ـــ ـــــ ــــ ــــ ـــ ــــ ـــ ــــــ ــ ـــ ــــ ـــــ ـــ ــــ ـــــ ـــ ــــ ـــــ ـــ ـــ ـــــ ــــ ـــ ــ ــــ ـــ ــــ ـــــ ــ ــــ ـــ ــــ ـــــ ـــ ــــ ـــ ــــــ ــ ــــ ـــ ــــ ـــــ ـــ ــــ ـــ ــــ ـــــ ــ ـــ ــــ ـــــ ـــ ــــ ـــ ـــــ ـــ ــــ ــــ ـــــ ـــ ــــ ـــ ــــ ـــــ ــ ـــ ــــ ـــــ ــ ــــ ــــ ـــ ـــــ ــــ ــــ ــ ـــــ ــــ ـــ ــــــ ــ ـــ ـــــ ــــ ـــ ــــ ـــــ ـــ ـــــ ــ ـــ ــــ ـــــ ـــ ــــ ـــ ـــــ ــــ ــــ ـــ ــــ ـــ ــــــ ــ ـــ ــــ ـــــ ـــ ــــ ـــــ ـــ ــــ ـــــ ـــ ـــ ـــــ ــــ ـــ ــ
